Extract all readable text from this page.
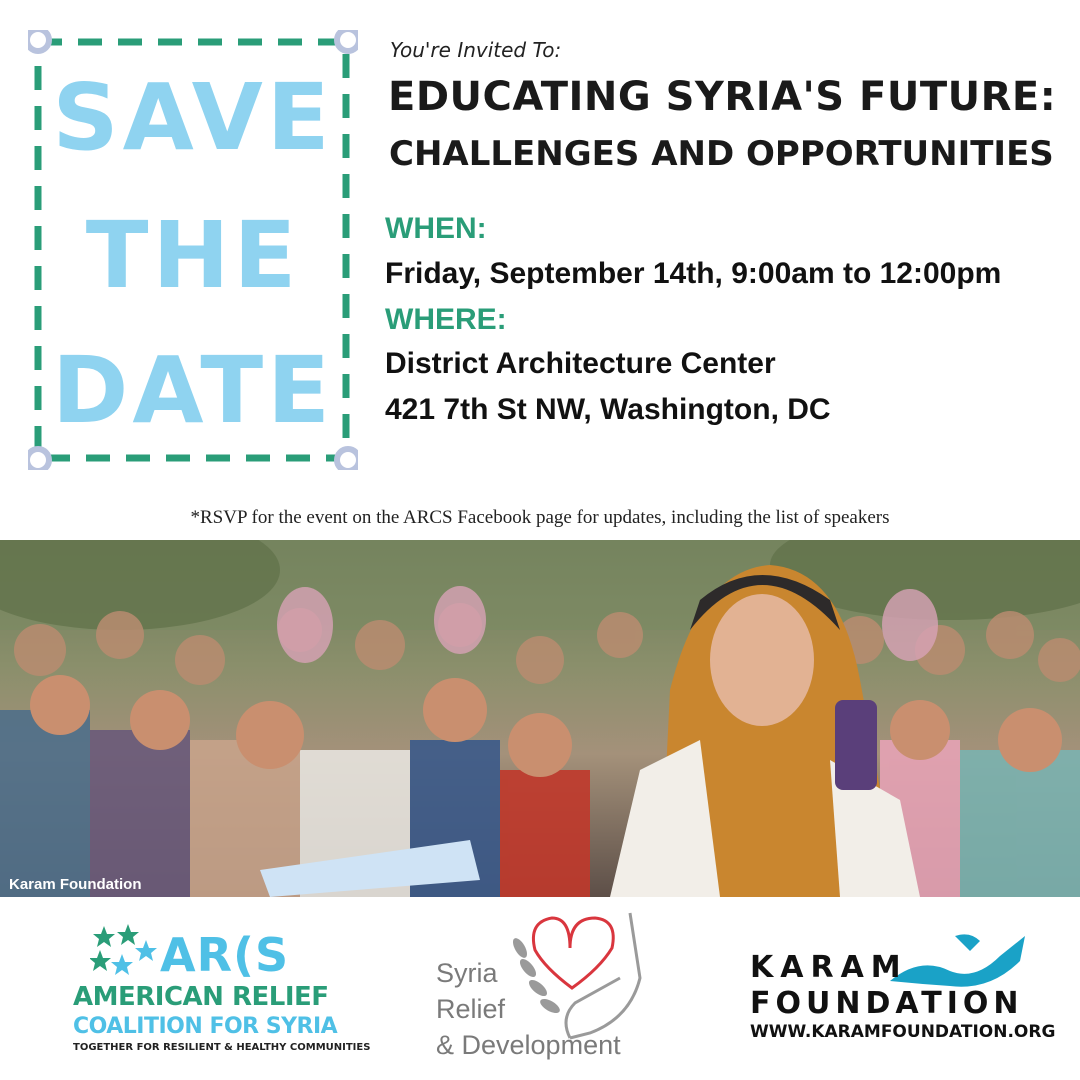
SAVE
THE
DATE
You're Invited To:
EDUCATING SYRIA'S FUTURE:
CHALLENGES AND OPPORTUNITIES
WHEN:
Friday, September 14th, 9:00am to 12:00pm
WHERE:
District Architecture Center
421 7th St NW, Washington, DC
*RSVP for the event on the ARCS Facebook page for updates, including the list of speakers
Karam Foundation
AR(S
AMERICAN RELIEF
COALITION FOR SYRIA
TOGETHER FOR RESILIENT & HEALTHY COMMUNITIES
Syria
Relief
& Development
KARAM
FOUNDATION
WWW.KARAMFOUNDATION.ORG
